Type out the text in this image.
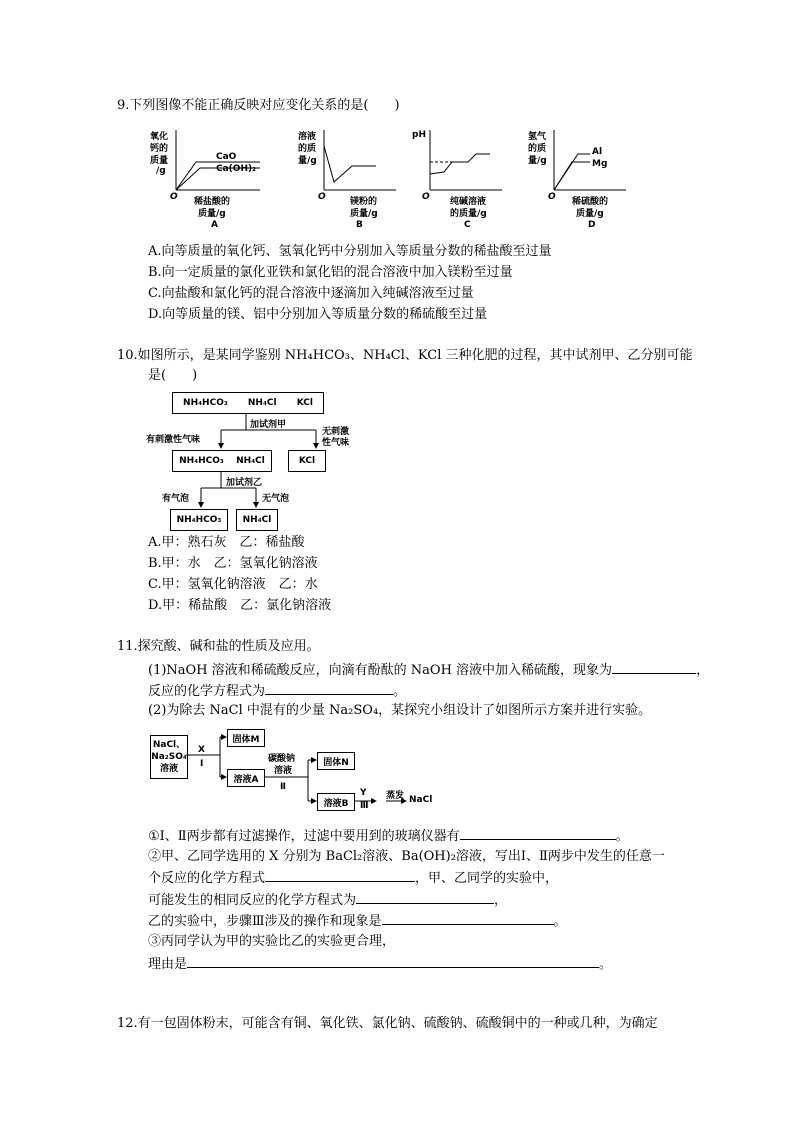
9.下列图像不能正确反映对应变化关系的是(　　)
氧化
钙的
质量
/g
CaO
Ca(OH)₂
O 稀盐酸的
质量/g
A
溶液
的质
量/g
O	镁粉的
质量/g
B
pH
O 纯碱溶液
的质量/g
C
氢气
的质
量/g
Al
Mg
O 稀硫酸的
质量/g
D
A.向等质量的氧化钙、氢氧化钙中分别加入等质量分数的稀盐酸至过量
B.向一定质量的氯化亚铁和氯化铝的混合溶液中加入镁粉至过量
C.向盐酸和氯化钙的混合溶液中逐滴加入纯碱溶液至过量
D.向等质量的镁、铝中分别加入等质量分数的稀硫酸至过量
10.如图所示，是某同学鉴别 NH₄HCO₃、NH₄Cl、KCl 三种化肥的过程，其中试剂甲、乙分别可能
是(　　)
NH₄HCO₃ NH₄Cl KCl
加试剂甲
有刺激性气味
无刺激
性气味
NH₄HCO₃ NH₄Cl	KCl
加试剂乙
有气泡	无气泡
NH₄HCO₃	NH₄Cl
A.甲：熟石灰　乙：稀盐酸
B.甲：水　乙：氢氧化钠溶液
C.甲：氢氧化钠溶液　乙：水
D.甲：稀盐酸　乙：氯化钠溶液
11.探究酸、碱和盐的性质及应用。
(1)NaOH 溶液和稀硫酸反应，向滴有酚酞的 NaOH 溶液中加入稀硫酸，现象为	，
反应的化学方程式为	。
(2)为除去 NaCl 中混有的少量 Na₂SO₄，某探究小组设计了如图所示方案并进行实验。
NaCl、
Na₂SO₄
溶液
X
Ⅰ
固体M
溶液A
碳酸钠
溶液
Ⅱ
固体N
溶液B
Y
Ⅲ
蒸发 NaCl
①Ⅰ、Ⅱ两步都有过滤操作，过滤中要用到的玻璃仪器有	。
②甲、乙同学选用的 X 分别为 BaCl₂溶液、Ba(OH)₂溶液，写出Ⅰ、Ⅱ两步中发生的任意一
个反应的化学方程式	，甲、乙同学的实验中，
可能发生的相同反应的化学方程式为	，
乙的实验中，步骤Ⅲ涉及的操作和现象是	。
③丙同学认为甲的实验比乙的实验更合理，
理由是	。
12.有一包固体粉末，可能含有铜、氧化铁、氯化钠、硫酸钠、硫酸铜中的一种或几种，为确定
